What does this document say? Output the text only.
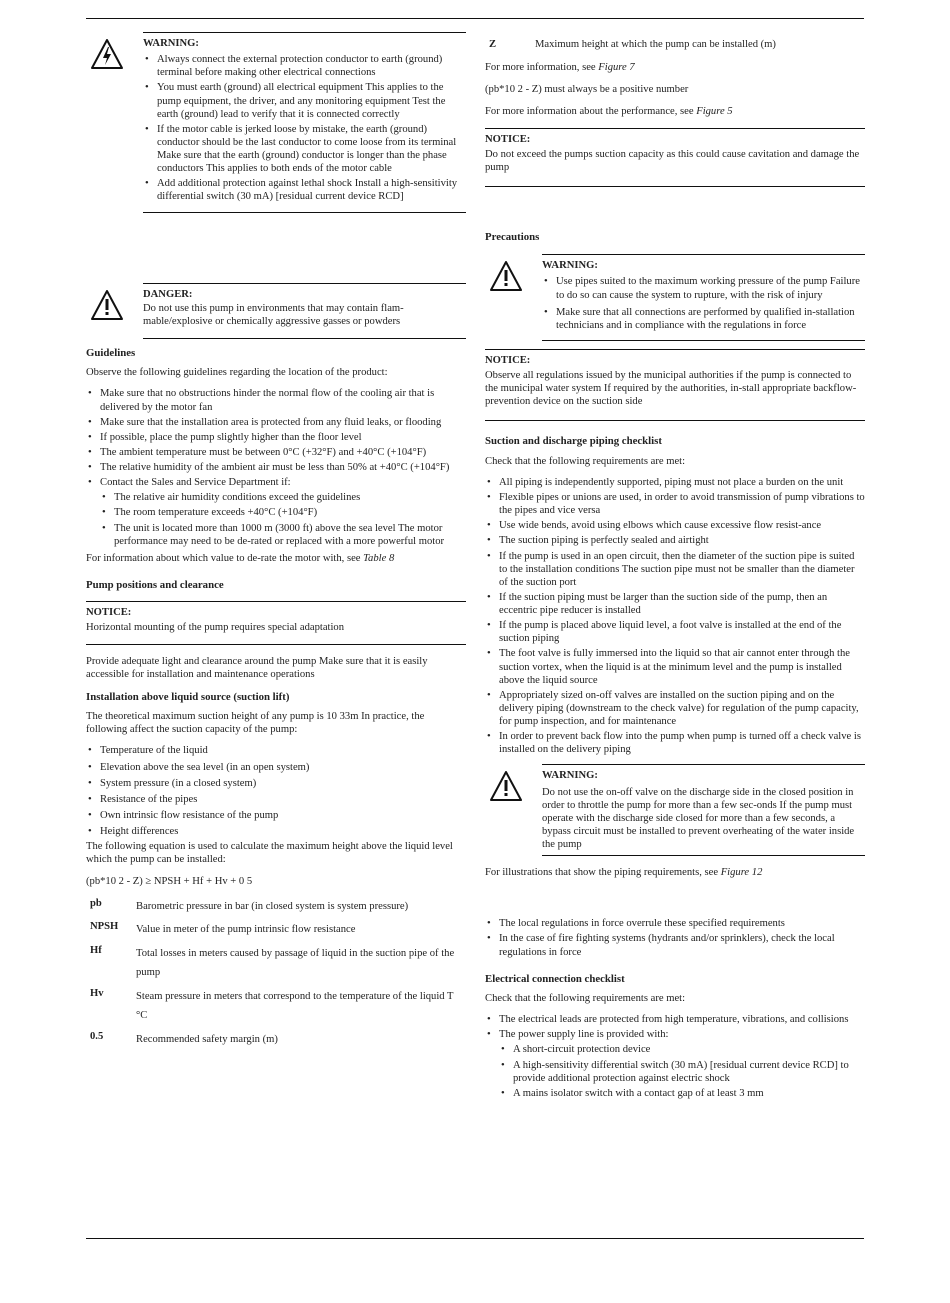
WARNING:
• Always connect the external protection conductor to earth (ground) terminal before making other electrical connections
• You must earth (ground) all electrical equipment This applies to the pump equipment, the driver, and any monitoring equipment Test the earth (ground) lead to verify that it is connected correctly
• If the motor cable is jerked loose by mistake, the earth (ground) conductor should be the last conductor to come loose from its terminal Make sure that the earth (ground) conductor is longer than the phase conductors This applies to both ends of the motor cable
• Add additional protection against lethal shock Install a high-sensitivity differential switch (30 mA) [residual current device RCD]
DANGER:
Do not use this pump in environments that may contain flam-mable/explosive or chemically aggressive gasses or powders
Guidelines

Observe the following guidelines regarding the location of the product:

• Make sure that no obstructions hinder the normal flow of the cooling air that is delivered by the motor fan
• Make sure that the installation area is protected from any fluid leaks, or flooding
• If possible, place the pump slightly higher than the floor level
• The ambient temperature must be between 0°C (+32°F) and +40°C (+104°F)
• The relative humidity of the ambient air must be less than 50% at +40°C (+104°F)
• Contact the Sales and Service Department if:
• The relative air humidity conditions exceed the guidelines
• The room temperature exceeds +40°C (+104°F)
• The unit is located more than 1000 m (3000 ft) above the sea level The motor performance may need to be de-rated or replaced with a more powerful motor

For information about which value to de-rate the motor with, see Table 8

Pump positions and clearance
NOTICE:
Horizontal mounting of the pump requires special adaptation

Provide adequate light and clearance around the pump Make sure that it is easily accessible for installation and maintenance operations

Installation above liquid source (suction lift)

The theoretical maximum suction height of any pump is 10 33m In practice, the following affect the suction capacity of the pump:

• Temperature of the liquid
• Elevation above the sea level (in an open system)
• System pressure (in a closed system)
• Resistance of the pipes
• Own intrinsic flow resistance of the pump
• Height differences

The following equation is used to calculate the maximum height above the liquid level which the pump can be installed:

(pb*10 2 - Z) ≥ NPSH + Hf + Hv + 0 5

pb	Barometric pressure in bar (in closed system is system pressure)
NPSH	Value in meter of the pump intrinsic flow resistance
Hf	Total losses in meters caused by passage of liquid in the suction pipe of the pump
Hv	Steam pressure in meters that correspond to the temperature of the liquid T °C
0.5	Recommended safety margin (m)
Z	Maximum height at which the pump can be installed (m)

For more information, see Figure 7

(pb*10 2 - Z) must always be a positive number

For more information about the performance, see Figure 5

NOTICE:
Do not exceed the pumps suction capacity as this could cause cavitation and damage the pump
Precautions
WARNING:
• Use pipes suited to the maximum working pressure of the pump Failure to do so can cause the system to rupture, with the risk of injury
• Make sure that all connections are performed by qualified in-stallation technicians and in compliance with the regulations in force
NOTICE:
Observe all regulations issued by the municipal authorities if the pump is connected to the municipal water system If required by the authorities, in-stall appropriate backflow-prevention device on the suction side
Suction and discharge piping checklist

Check that the following requirements are met:

• All piping is independently supported, piping must not place a burden on the unit
• Flexible pipes or unions are used, in order to avoid transmission of pump vibrations to the pipes and vice versa
• Use wide bends, avoid using elbows which cause excessive flow resist-ance
• The suction piping is perfectly sealed and airtight
• If the pump is used in an open circuit, then the diameter of the suction pipe is suited to the installation conditions The suction pipe must not be smaller than the diameter of the suction port
• If the suction piping must be larger than the suction side of the pump, then an eccentric pipe reducer is installed
• If the pump is placed above liquid level, a foot valve is installed at the end of the suction piping
• The foot valve is fully immersed into the liquid so that air cannot enter through the suction vortex, when the liquid is at the minimum level and the pump is installed above the liquid source
• Appropriately sized on-off valves are installed on the suction piping and on the delivery piping (downstream to the check valve) for regulation of the pump capacity, for pump inspection, and for maintenance
• In order to prevent back flow into the pump when pump is turned off a check valve is installed on the delivery piping
WARNING:
Do not use the on-off valve on the discharge side in the closed position in order to throttle the pump for more than a few sec-onds If the pump must operate with the discharge side closed for more than a few seconds, a bypass circuit must be installed to prevent overheating of the water inside the pump

For illustrations that show the piping requirements, see Figure 12

• The local regulations in force overrule these specified requirements
• In the case of fire fighting systems (hydrants and/or sprinklers), check the local regulations in force
Electrical connection checklist

Check that the following requirements are met:

• The electrical leads are protected from high temperature, vibrations, and collisions
• The power supply line is provided with:
• A short-circuit protection device
• A high-sensitivity differential switch (30 mA) [residual current device RCD] to provide additional protection against electric shock
• A mains isolator switch with a contact gap of at least 3 mm
